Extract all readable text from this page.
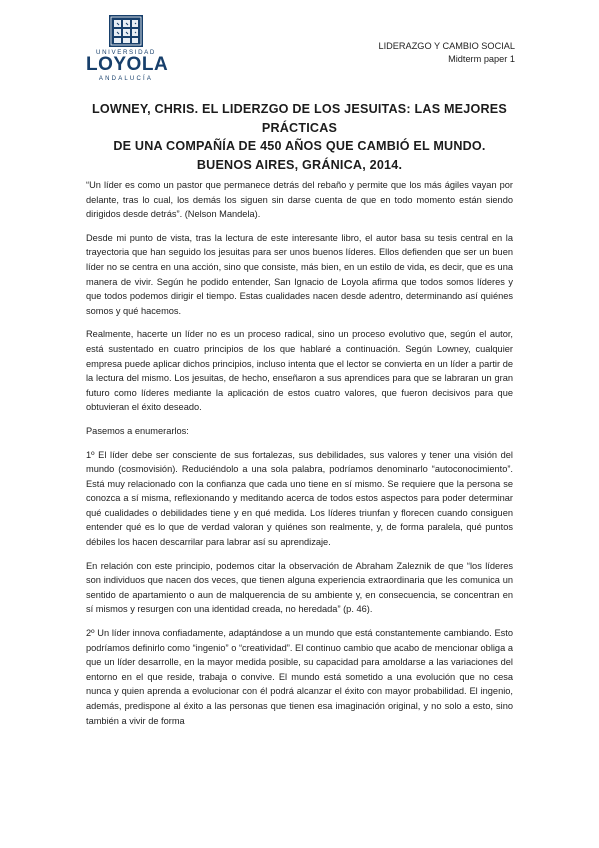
UNIVERSIDAD
LOYOLA
ANDALUCÍA
LIDERAZGO Y CAMBIO SOCIAL
Midterm paper 1
LOWNEY, CHRIS. EL LIDERZGO DE LOS JESUITAS: LAS MEJORES PRÁCTICAS
DE UNA COMPAÑÍA DE 450 AÑOS QUE CAMBIÓ EL MUNDO.
BUENOS AIRES, GRÁNICA, 2014.

“Un líder es como un pastor que permanece detrás del rebaño y permite que los más ágiles vayan por delante, tras lo cual, los demás los siguen sin darse cuenta de que en todo momento están siendo dirigidos desde detrás”. (Nelson Mandela).

Desde mi punto de vista, tras la lectura de este interesante libro, el autor basa su tesis central en la trayectoria que han seguido los jesuitas para ser unos buenos líderes. Ellos defienden que ser un buen líder no se centra en una acción, sino que consiste, más bien, en un estilo de vida, es decir, que es una manera de vivir. Según he podido entender, San Ignacio de Loyola afirma que todos somos líderes y que todos podemos dirigir el tiempo. Estas cualidades nacen desde adentro, determinando así quiénes somos y qué hacemos.

Realmente, hacerte un líder no es un proceso radical, sino un proceso evolutivo que, según el autor, está sustentado en cuatro principios de los que hablaré a continuación. Según Lowney, cualquier empresa puede aplicar dichos principios, incluso intenta que el lector se convierta en un líder a partir de la lectura del mismo. Los jesuitas, de hecho, enseñaron a sus aprendices para que se labraran un gran futuro como líderes mediante la aplicación de estos cuatro valores, que fueron decisivos para que obtuvieran el éxito deseado.

Pasemos a enumerarlos:

1º El líder debe ser consciente de sus fortalezas, sus debilidades, sus valores y tener una visión del mundo (cosmovisión). Reduciéndolo a una sola palabra, podríamos denominarlo “autoconocimiento”. Está muy relacionado con la confianza que cada uno tiene en sí mismo. Se requiere que la persona se conozca a sí misma, reflexionando y meditando acerca de todos estos aspectos para poder determinar qué cualidades o debilidades tiene y en qué medida. Los líderes triunfan y florecen cuando consiguen entender qué es lo que de verdad valoran y quiénes son realmente, y, de forma paralela, qué puntos débiles los hacen descarrilar para labrar así su aprendizaje.

En relación con este principio, podemos citar la observación de Abraham Zaleznik de que “los líderes son individuos que nacen dos veces, que tienen alguna experiencia extraordinaria que les comunica un sentido de apartamiento o aun de malquerencia de su ambiente y, en consecuencia, se concentran en sí mismos y resurgen con una identidad creada, no heredada” (p. 46).

2º Un líder innova confiadamente, adaptándose a un mundo que está constantemente cambiando. Esto podríamos definirlo como “ingenio” o “creatividad”. El continuo cambio que acabo de mencionar obliga a que un líder desarrolle, en la mayor medida posible, su capacidad para amoldarse a las variaciones del entorno en el que reside, trabaja o convive. El mundo está sometido a una evolución que no cesa nunca y quien aprenda a evolucionar con él podrá alcanzar el éxito con mayor probabilidad. El ingenio, además, predispone al éxito a las personas que tienen esa imaginación original, y no solo a esto, sino también a vivir de forma
